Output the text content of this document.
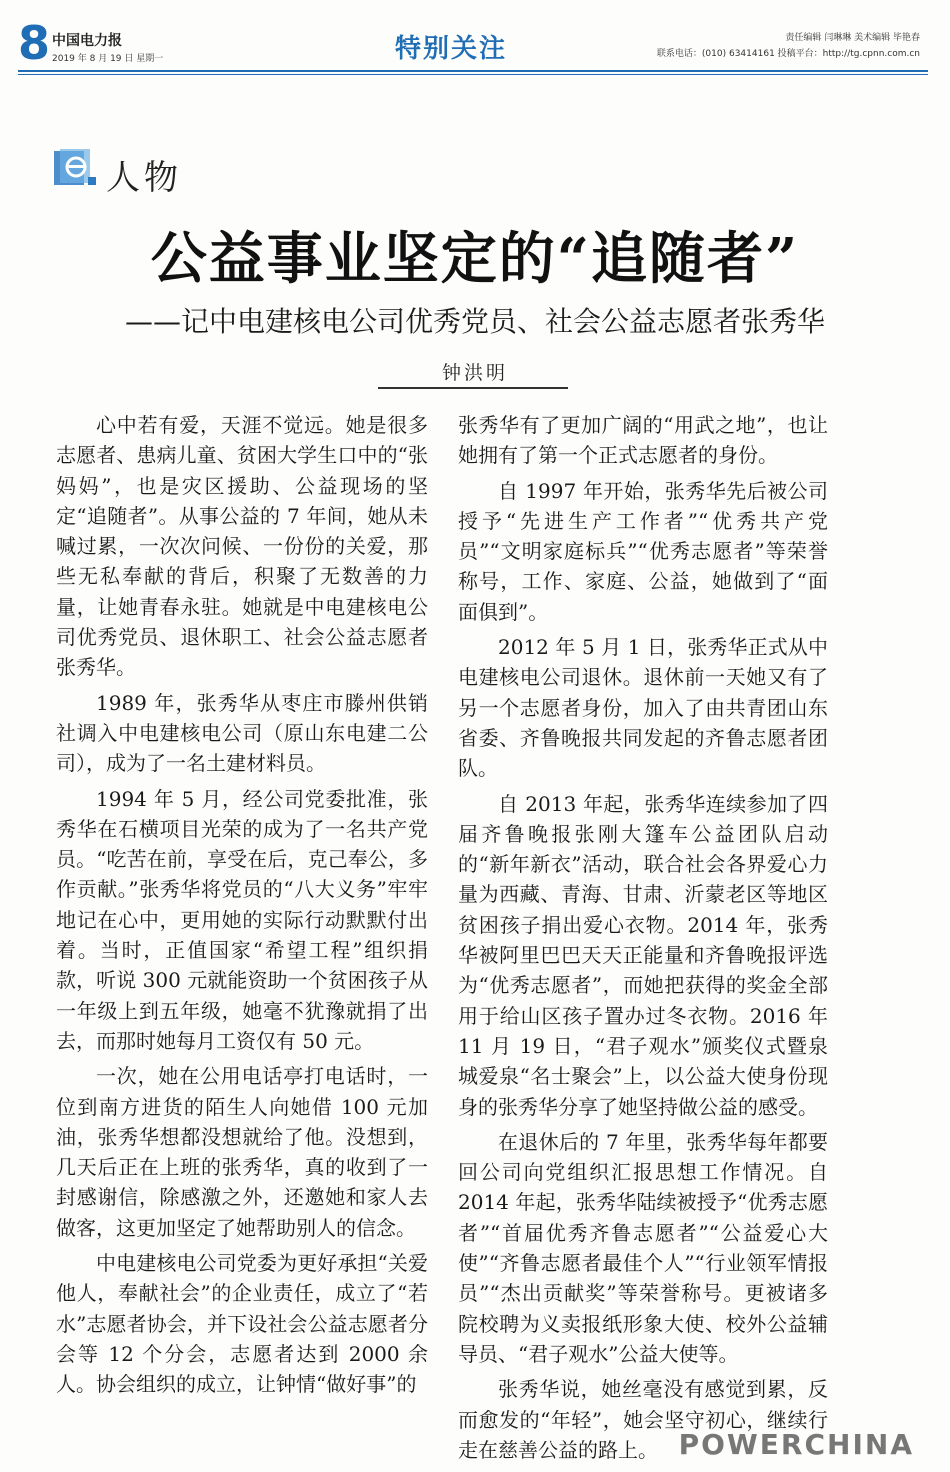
8 中国电力报
2019 年 8 月 19 日 星期一	特别关注	责任编辑 闫琳琳 美术编辑 毕艳春
联系电话：(010) 63414161 投稿平台：http://tg.cpnn.com.cn
人物
公益事业坚定的“追随者”
——记中电建核电公司优秀党员、社会公益志愿者张秀华
钟洪明

心中若有爱，天涯不觉远。她是很多志愿者、患病儿童、贫困大学生口中的“张妈妈”，也是灾区援助、公益现场的坚定“追随者”。从事公益的 7 年间，她从未喊过累，一次次问候、一份份的关爱，那些无私奉献的背后，积聚了无数善的力量，让她青春永驻。她就是中电建核电公司优秀党员、退休职工、社会公益志愿者张秀华。

1989 年，张秀华从枣庄市滕州供销社调入中电建核电公司（原山东电建二公司），成为了一名土建材料员。

1994 年 5 月，经公司党委批准，张秀华在石横项目光荣的成为了一名共产党员。“吃苦在前，享受在后，克己奉公，多作贡献。”张秀华将党员的“八大义务”牢牢地记在心中，更用她的实际行动默默付出着。当时，正值国家“希望工程”组织捐款，听说 300 元就能资助一个贫困孩子从一年级上到五年级，她毫不犹豫就捐了出去，而那时她每月工资仅有 50 元。

一次，她在公用电话亭打电话时，一位到南方进货的陌生人向她借 100 元加油，张秀华想都没想就给了他。没想到，几天后正在上班的张秀华，真的收到了一封感谢信，除感激之外，还邀她和家人去做客，这更加坚定了她帮助别人的信念。

中电建核电公司党委为更好承担“关爱他人，奉献社会”的企业责任，成立了“若水”志愿者协会，并下设社会公益志愿者分会等 12 个分会，志愿者达到 2000 余人。协会组织的成立，让钟情“做好事”的

张秀华有了更加广阔的“用武之地”，也让她拥有了第一个正式志愿者的身份。

自 1997 年开始，张秀华先后被公司授予“先进生产工作者”“优秀共产党员”“文明家庭标兵”“优秀志愿者”等荣誉称号，工作、家庭、公益，她做到了“面面俱到”。

2012 年 5 月 1 日，张秀华正式从中电建核电公司退休。退休前一天她又有了另一个志愿者身份，加入了由共青团山东省委、齐鲁晚报共同发起的齐鲁志愿者团队。

自 2013 年起，张秀华连续参加了四届齐鲁晚报张刚大篷车公益团队启动的“新年新衣”活动，联合社会各界爱心力量为西藏、青海、甘肃、沂蒙老区等地区贫困孩子捐出爱心衣物。2014 年，张秀华被阿里巴巴天天正能量和齐鲁晚报评选为“优秀志愿者”，而她把获得的奖金全部用于给山区孩子置办过冬衣物。2016 年 11 月 19 日，“君子观水”颁奖仪式暨泉城爱泉“名士聚会”上，以公益大使身份现身的张秀华分享了她坚持做公益的感受。

在退休后的 7 年里，张秀华每年都要回公司向党组织汇报思想工作情况。自 2014 年起，张秀华陆续被授予“优秀志愿者”“首届优秀齐鲁志愿者”“公益爱心大使”“齐鲁志愿者最佳个人”“行业领军情报员”“杰出贡献奖”等荣誉称号。更被诸多院校聘为义卖报纸形象大使、校外公益辅导员、“君子观水”公益大使等。

张秀华说，她丝毫没有感觉到累，反而愈发的“年轻”，她会坚守初心，继续行走在慈善公益的路上。 POWERCHINA
